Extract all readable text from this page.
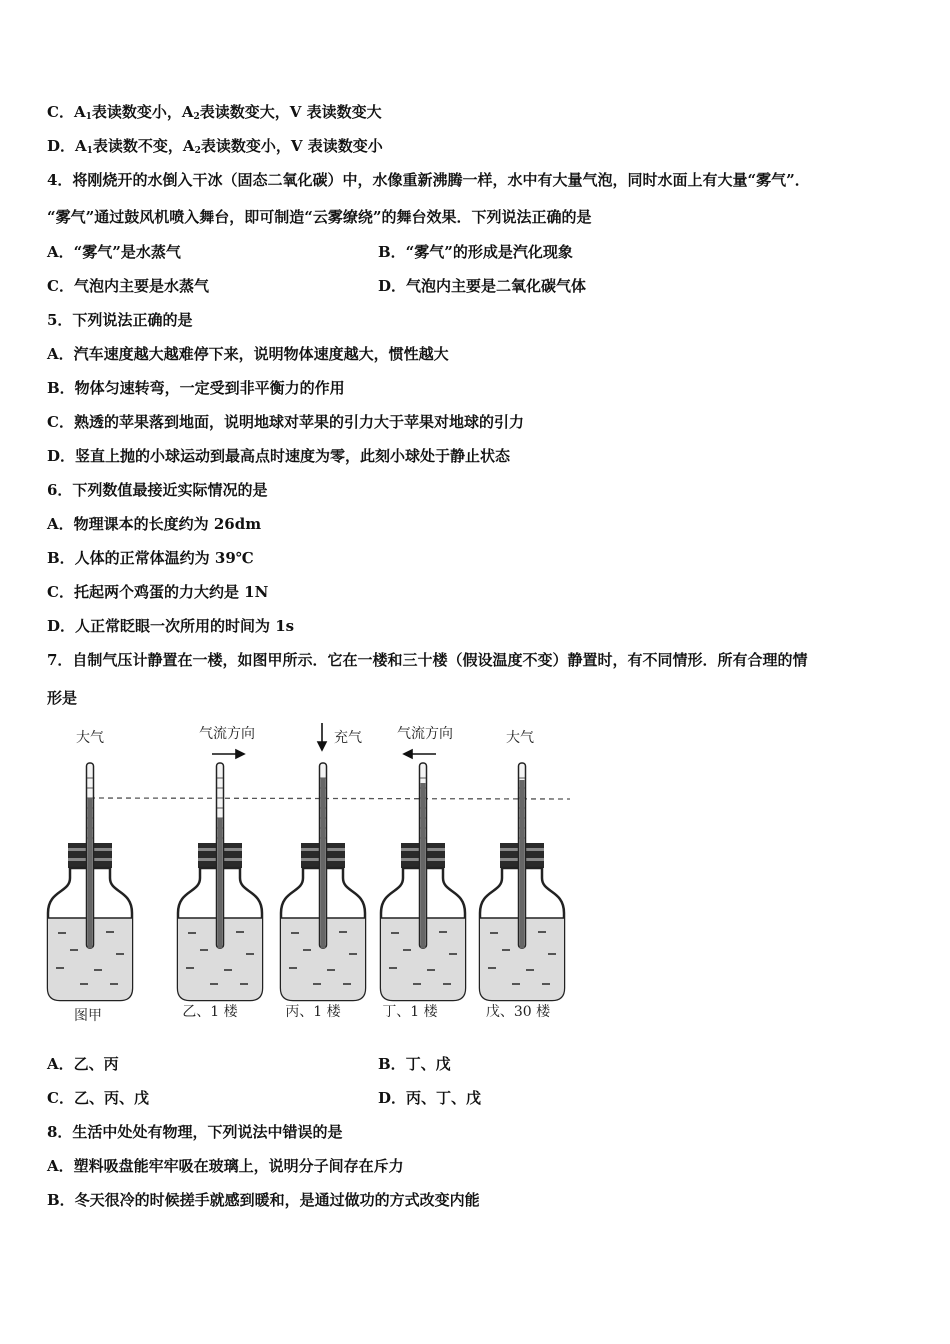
C．$A_1$表读数变小，$A_2$表读数变大，V 表读数变大
D．$A_1$表读数不变，$A_2$表读数变小，V 表读数变小
4．将刚烧开的水倒入干冰（固态二氧化碳）中，水像重新沸腾一样，水中有大量气泡，同时水面上有大量“雾气”．
“雾气”通过鼓风机喷入舞台，即可制造“云雾缭绕”的舞台效果．下列说法正确的是
A．“雾气”是水蒸气	B．“雾气”的形成是汽化现象
C．气泡内主要是水蒸气	D．气泡内主要是二氧化碳气体
5．下列说法正确的是
A．汽车速度越大越难停下来，说明物体速度越大，惯性越大
B．物体匀速转弯，一定受到非平衡力的作用
C．熟透的苹果落到地面，说明地球对苹果的引力大于苹果对地球的引力
D．竖直上抛的小球运动到最高点时速度为零，此刻小球处于静止状态
6．下列数值最接近实际情况的是
A．物理课本的长度约为 26dm
B．人体的正常体温约为 39℃
C．托起两个鸡蛋的力大约是 1N
D．人正常眨眼一次所用的时间为 1s
7．自制气压计静置在一楼，如图甲所示．它在一楼和三十楼（假设温度不变）静置时，有不同情形．所有合理的情
形是
大气	气流方向	充气	气流方向	大气
图甲	乙、1 楼	丙、1 楼	丁、1 楼	戊、30 楼
A．乙、丙	B．丁、戊
C．乙、丙、戊	D．丙、丁、戊
8．生活中处处有物理，下列说法中错误的是
A．塑料吸盘能牢牢吸在玻璃上，说明分子间存在斥力
B．冬天很冷的时候搓手就感到暖和，是通过做功的方式改变内能
